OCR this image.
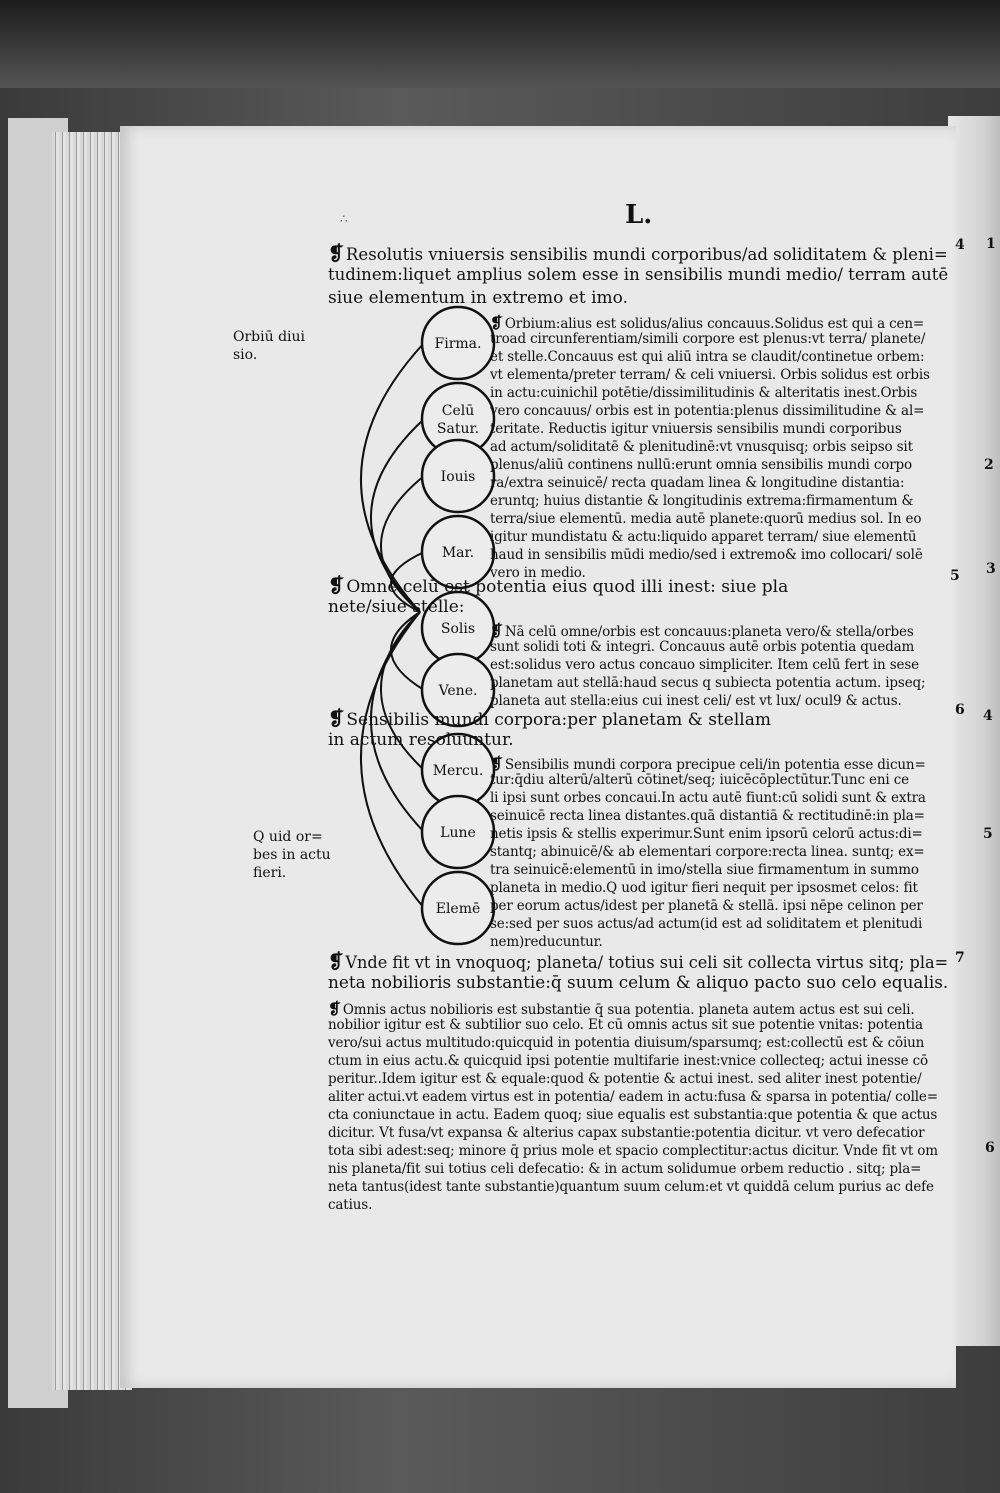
∴	L.
Orbiū diui
sio.
Q uid or=
bes in actu
fieri.
Firma.
Celū
Satur.
Iouis
Mar.
Solis
Vene.
Mercu.
Lune
Elemē
❡ Resolutis vniuersis sensibilis mundi corporibus/ad soliditatem & pleni=
tudinem:liquet amplius solem esse in sensibilis mundi medio/ terram autē
siue elementum in extremo et imo.
❡ Orbium:alius est solidus/alius concauus.Solidus est qui a cen=
troad circunferentiam/simili corpore est plenus:vt terra/ planete/
et stelle.Concauus est qui aliū intra se claudit/continetue orbem:
vt elementa/preter terram/ & celi vniuersi. Orbis solidus est orbis
in actu:cuinichil potētie/dissimilitudinis & alteritatis inest.Orbis
vero concauus/ orbis est in potentia:plenus dissimilitudine & al=
teritate. Reductis igitur vniuersis sensibilis mundi corporibus
ad actum/soliditatē & plenitudinē:vt vnusquisq; orbis seipso sit
plenus/aliū continens nullū:erunt omnia sensibilis mundi corpo
ra/extra seinuicē/ recta quadam linea & longitudine distantia:
eruntq; huius distantie & longitudinis extrema:firmamentum &
terra/siue elementū. media autē planete:quorū medius sol. In eo
igitur mundistatu & actu:liquido apparet terram/ siue elementū
haud in sensibilis mūdi medio/sed i extremo& imo collocari/ solē
vero in medio.
❡ Omne celū est potentia eius quod illi inest: siue pla
nete/siue stelle:
❡ Nā celū omne/orbis est concauus:planeta vero/& stella/orbes
sunt solidi toti & integri. Concauus autē orbis potentia quedam
est:solidus vero actus concauo simpliciter. Item celū fert in sese
planetam aut stellā:haud secus q subiecta potentia actum. ipseq;
planeta aut stella:eius cui inest celi/ est vt lux/ ocul9 & actus.
❡ Sensibilis mundi corpora:per planetam & stellam
in actum resoluuntur.
❡ Sensibilis mundi corpora precipue celi/in potentia esse dicun=
tur:q̄diu alterū/alterū cōtinet/seq; iuicēcōplectūtur.Tunc eni ce
li ipsi sunt orbes concaui.In actu autē fiunt:cū solidi sunt & extra
seinuicē recta linea distantes.quā distantiā & rectitudinē:in pla=
netis ipsis & stellis experimur.Sunt enim ipsorū celorū actus:di=
stantq; abinuicē/& ab elementari corpore:recta linea. suntq; ex=
tra seinuicē:elementū in imo/stella siue firmamentum in summo
planeta in medio.Q uod igitur fieri nequit per ipsosmet celos: fit
per eorum actus/idest per planetā & stellā. ipsi nēpe celinon per
se:sed per suos actus/ad actum(id est ad soliditatem et plenitudi
nem)reducuntur.
❡ Vnde fit vt in vnoquoq; planeta/ totius sui celi sit collecta virtus sitq; pla=
neta nobilioris substantie:q̄ suum celum & aliquo pacto suo celo equalis.
❡ Omnis actus nobilioris est substantie q̄ sua potentia. planeta autem actus est sui celi.
nobilior igitur est & subtilior suo celo. Et cū omnis actus sit sue potentie vnitas: potentia
vero/sui actus multitudo:quicquid in potentia diuisum/sparsumq; est:collectū est & cōiun
ctum in eius actu.& quicquid ipsi potentie multifarie inest:vnice collecteq; actui inesse cō
peritur..Idem igitur est & equale:quod & potentie & actui inest. sed aliter inest potentie/
aliter actui.vt eadem virtus est in potentia/ eadem in actu:fusa & sparsa in potentia/ colle=
cta coniunctaue in actu. Eadem quoq; siue equalis est substantia:que potentia & que actus
dicitur. Vt fusa/vt expansa & alterius capax substantie:potentia dicitur. vt vero defecatior
tota sibi adest:seq; minore q̄ prius mole et spacio complectitur:actus dicitur. Vnde fit vt om
nis planeta/fit sui totius celi defecatio: & in actum solidumue orbem reductio . sitq; pla=
neta tantus(idest tante substantie)quantum suum celum:et vt quiddā celum purius ac defe
catius.
4
5
6
7
1
2
3
4
5
6
